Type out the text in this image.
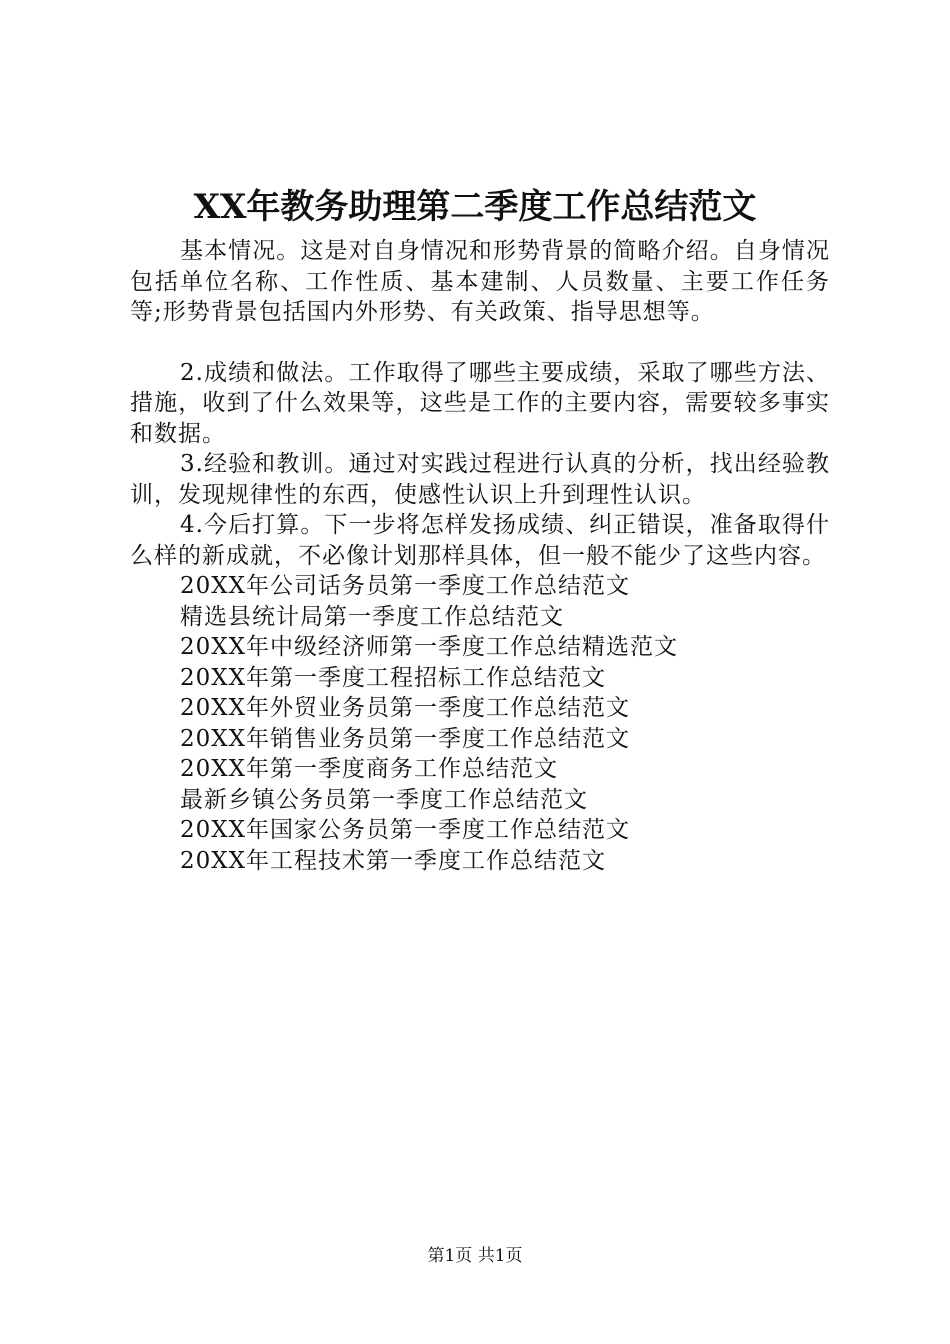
XX年教务助理第二季度工作总结范文

基本情况。这是对自身情况和形势背景的简略介绍。自身情况包括单位名称、工作性质、基本建制、人员数量、主要工作任务等;形势背景包括国内外形势、有关政策、指导思想等。

2.成绩和做法。工作取得了哪些主要成绩，采取了哪些方法、措施，收到了什么效果等，这些是工作的主要内容，需要较多事实和数据。

3.经验和教训。通过对实践过程进行认真的分析，找出经验教训，发现规律性的东西，使感性认识上升到理性认识。

4.今后打算。下一步将怎样发扬成绩、纠正错误，准备取得什么样的新成就，不必像计划那样具体，但一般不能少了这些内容。

20XX年公司话务员第一季度工作总结范文
精选县统计局第一季度工作总结范文
20XX年中级经济师第一季度工作总结精选范文
20XX年第一季度工程招标工作总结范文
20XX年外贸业务员第一季度工作总结范文
20XX年销售业务员第一季度工作总结范文
20XX年第一季度商务工作总结范文
最新乡镇公务员第一季度工作总结范文
20XX年国家公务员第一季度工作总结范文
20XX年工程技术第一季度工作总结范文
第1页 共1页
